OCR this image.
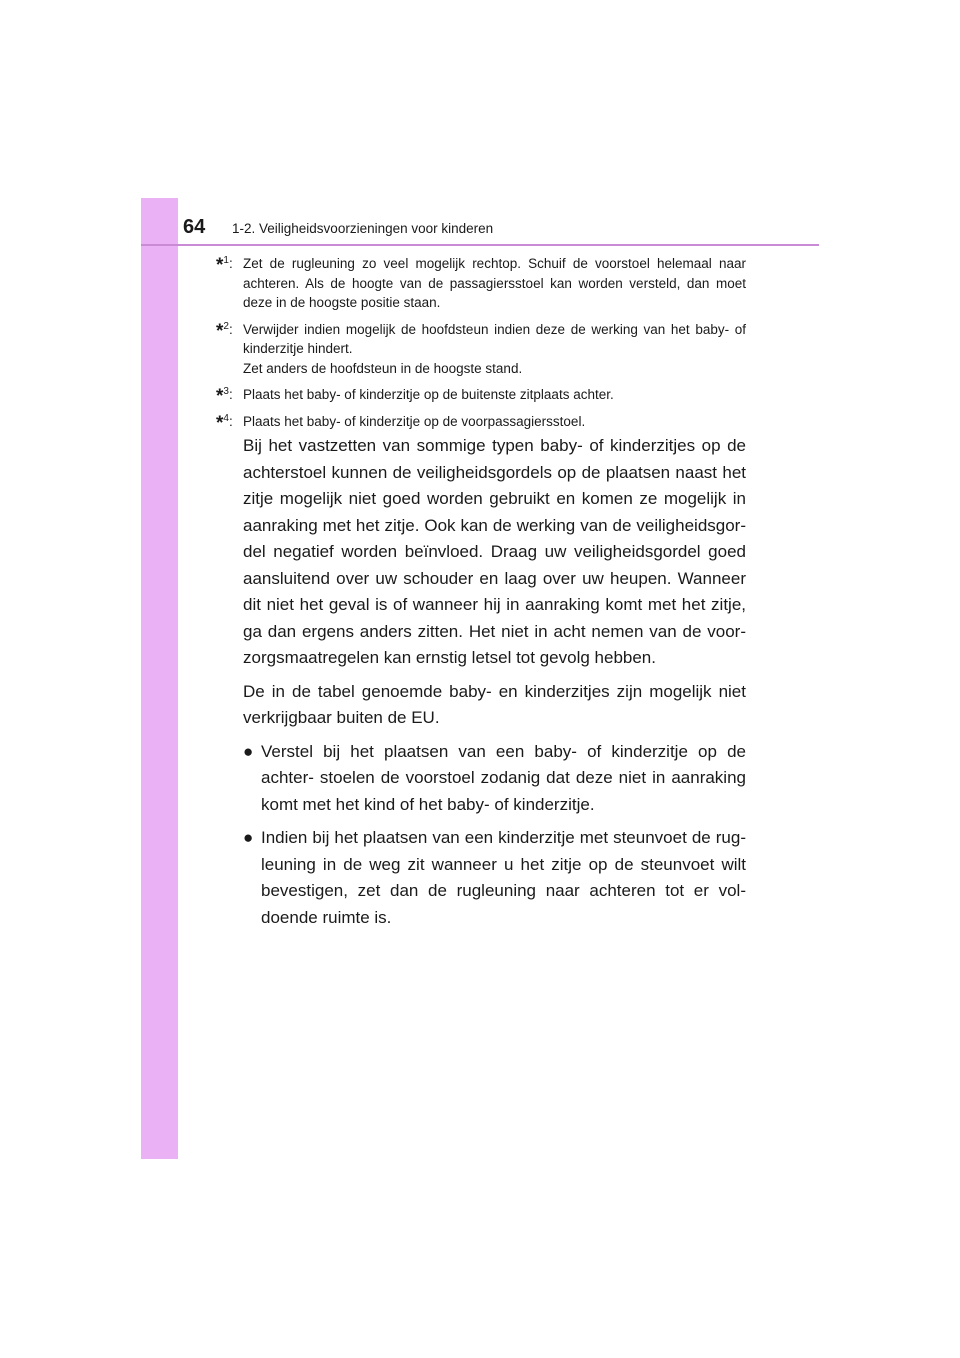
64 1-2. Veiligheidsvoorzieningen voor kinderen
*$^1$: Zet de rugleuning zo veel mogelijk rechtop. Schuif de voorstoel helemaal naar achteren. Als de hoogte van de passagiersstoel kan worden versteld, dan moet deze in de hoogste positie staan.
*$^2$: Verwijder indien mogelijk de hoofdsteun indien deze de werking van het baby- of kinderzitje hindert.
Zet anders de hoofdsteun in de hoogste stand.
*$^3$: Plaats het baby- of kinderzitje op de buitenste zitplaats achter.
*$^4$: Plaats het baby- of kinderzitje op de voorpassagiersstoel.

Bij het vastzetten van sommige typen baby- of kinderzitjes op de achterstoel kunnen de veiligheidsgordels op de plaatsen naast het zitje mogelijk niet goed worden gebruikt en komen ze mogelijk in aanraking met het zitje. Ook kan de werking van de veiligheidsgor- del negatief worden beïnvloed. Draag uw veiligheidsgordel goed aansluitend over uw schouder en laag over uw heupen. Wanneer dit niet het geval is of wanneer hij in aanraking komt met het zitje, ga dan ergens anders zitten. Het niet in acht nemen van de voor- zorgsmaatregelen kan ernstig letsel tot gevolg hebben.

De in de tabel genoemde baby- en kinderzitjes zijn mogelijk niet verkrijgbaar buiten de EU.

● Verstel bij het plaatsen van een baby- of kinderzitje op de achter- stoelen de voorstoel zodanig dat deze niet in aanraking komt met het kind of het baby- of kinderzitje.
● Indien bij het plaatsen van een kinderzitje met steunvoet de rug- leuning in de weg zit wanneer u het zitje op de steunvoet wilt bevestigen, zet dan de rugleuning naar achteren tot er vol- doende ruimte is.
